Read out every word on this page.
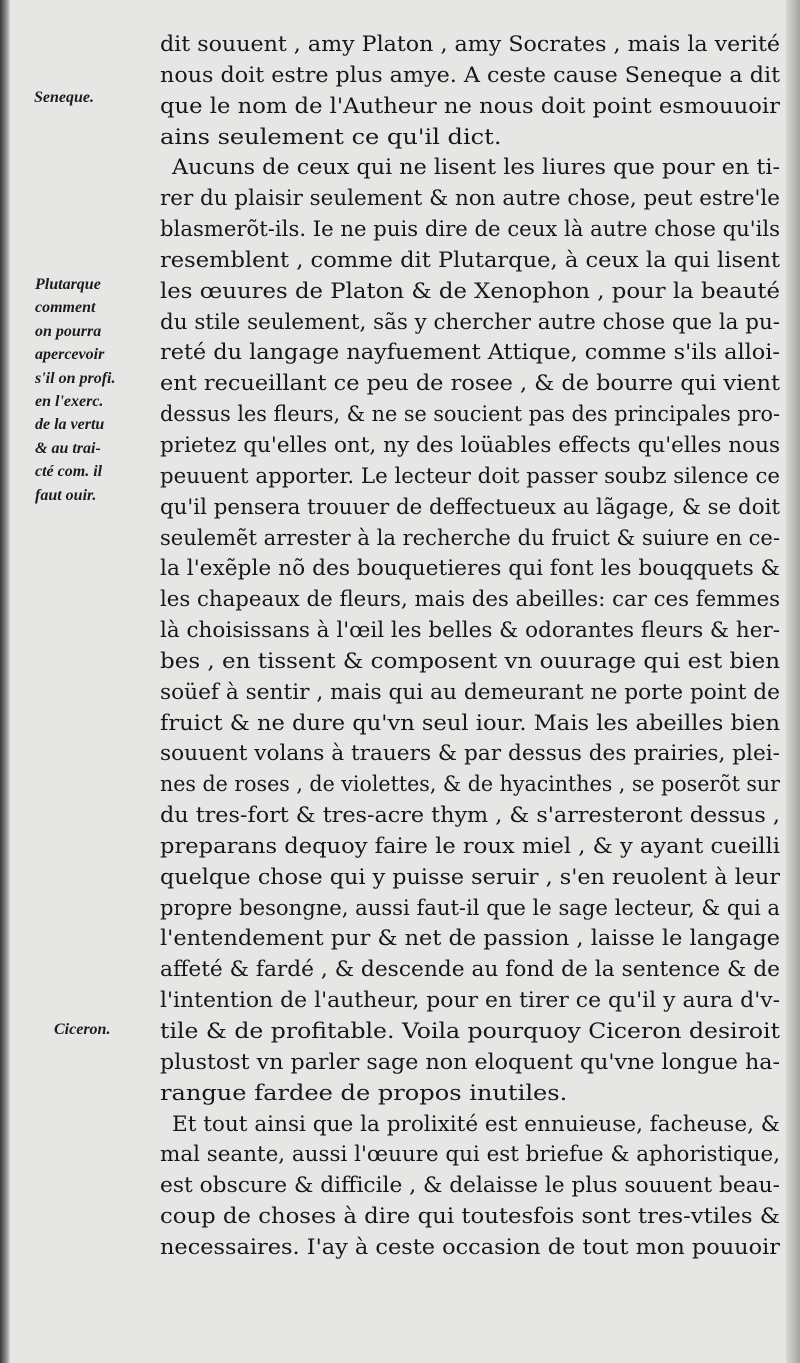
Seneque.
Plutarque
comment
on pourra
apercevoir
s'il on profi.
en l'exerc.
de la vertu
& au trai-
cté com. il
faut ouir.
Ciceron.
dit souuent , amy Platon , amy Socrates , mais la verité
nous doit estre plus amye. A ceste cause Seneque a dit
que le nom de l'Autheur ne nous doit point esmouuoir
ains seulement ce qu'il dict.
Aucuns de ceux qui ne lisent les liures que pour en ti-
rer du plaisir seulement & non autre chose, peut estre'le
blasmerõt-ils. Ie ne puis dire de ceux là autre chose qu'ils
resemblent , comme dit Plutarque, à ceux la qui lisent
les œuures de Platon & de Xenophon , pour la beauté
du stile seulement, sãs y chercher autre chose que la pu-
reté du langage nayfuement Attique, comme s'ils alloi-
ent recueillant ce peu de rosee , & de bourre qui vient
dessus les fleurs, & ne se soucient pas des principales pro-
prietez qu'elles ont, ny des loüables effects qu'elles nous
peuuent apporter. Le lecteur doit passer soubz silence ce
qu'il pensera trouuer de deffectueux au lãgage, & se doit
seulemẽt arrester à la recherche du fruict & suiure en ce-
la l'exẽple nõ des bouquetieres qui font les bouqquets &
les chapeaux de fleurs, mais des abeilles: car ces femmes
là choisissans à l'œil les belles & odorantes fleurs & her-
bes , en tissent & composent vn ouurage qui est bien
soüef à sentir , mais qui au demeurant ne porte point de
fruict & ne dure qu'vn seul iour. Mais les abeilles bien
souuent volans à trauers & par dessus des prairies, plei-
nes de roses , de violettes, & de hyacinthes , se poserõt sur
du tres-fort & tres-acre thym , & s'arresteront dessus ,
preparans dequoy faire le roux miel , & y ayant cueilli
quelque chose qui y puisse seruir , s'en reuolent à leur
propre besongne, aussi faut-il que le sage lecteur, & qui a
l'entendement pur & net de passion , laisse le langage
affeté & fardé , & descende au fond de la sentence & de
l'intention de l'autheur, pour en tirer ce qu'il y aura d'v-
tile & de profitable. Voila pourquoy Ciceron desiroit
plustost vn parler sage non eloquent qu'vne longue ha-
rangue fardee de propos inutiles.
Et tout ainsi que la prolixité est ennuieuse, facheuse, &
mal seante, aussi l'œuure qui est briefue & aphoristique,
est obscure & difficile , & delaisse le plus souuent beau-
coup de choses à dire qui toutesfois sont tres-vtiles &
necessaires. I'ay à ceste occasion de tout mon pouuoir
